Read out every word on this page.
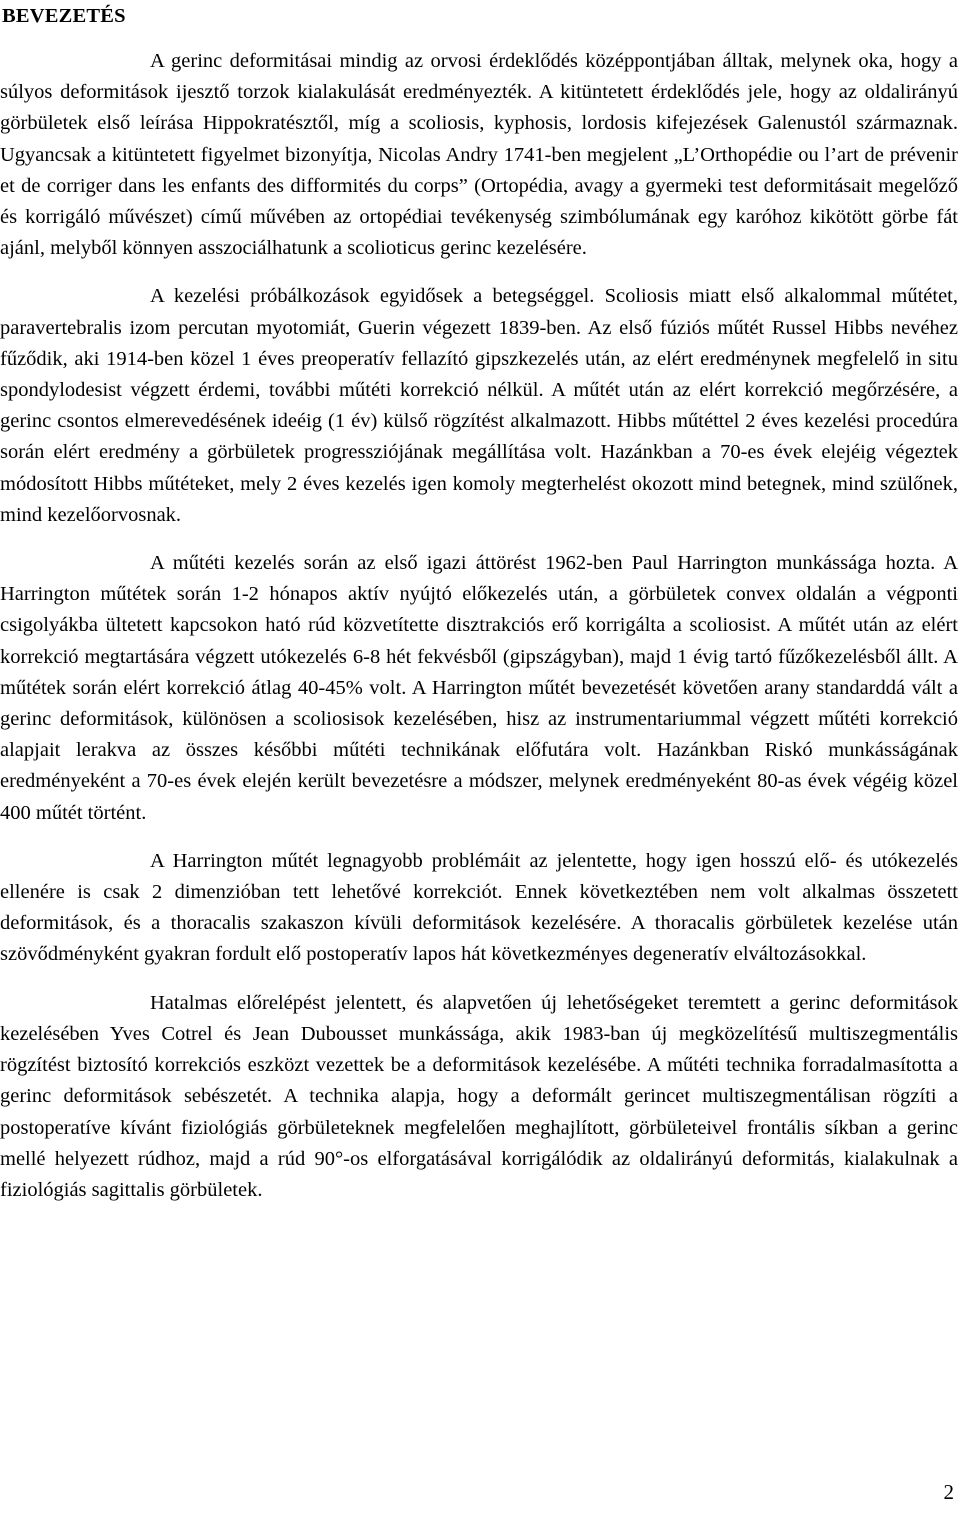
BEVEZETÉS

A gerinc deformitásai mindig az orvosi érdeklődés középpontjában álltak, melynek oka, hogy a súlyos deformitások ijesztő torzok kialakulását eredményezték. A kitüntetett érdeklődés jele, hogy az oldalirányú görbületek első leírása Hippokratésztől, míg a scoliosis, kyphosis, lordosis kifejezések Galenustól származnak. Ugyancsak a kitüntetett figyelmet bizonyítja, Nicolas Andry 1741-ben megjelent „L’Orthopédie ou l’art de prévenir et de corriger dans les enfants des difformités du corps” (Ortopédia, avagy a gyermeki test deformitásait megelőző és korrigáló művészet) című művében az ortopédiai tevékenység szimbólumának egy karóhoz kikötött görbe fát ajánl, melyből könnyen asszociálhatunk a scolioticus gerinc kezelésére.

A kezelési próbálkozások egyidősek a betegséggel. Scoliosis miatt első alkalommal műtétet, paravertebralis izom percutan myotomiát, Guerin végezett 1839-ben. Az első fúziós műtét Russel Hibbs nevéhez fűződik, aki 1914-ben közel 1 éves preoperatív fellazító gipszkezelés után, az elért eredménynek megfelelő in situ spondylodesist végzett érdemi, további műtéti korrekció nélkül. A műtét után az elért korrekció megőrzésére, a gerinc csontos elmerevedésének ideéig (1 év) külső rögzítést alkalmazott. Hibbs műtéttel 2 éves kezelési procedúra során elért eredmény a görbületek progressziójának megállítása volt. Hazánkban a 70-es évek elejéig végeztek módosított Hibbs műtéteket, mely 2 éves kezelés igen komoly megterhelést okozott mind betegnek, mind szülőnek, mind kezelőorvosnak.

A műtéti kezelés során az első igazi áttörést 1962-ben Paul Harrington munkássága hozta. A Harrington műtétek során 1-2 hónapos aktív nyújtó előkezelés után, a görbületek convex oldalán a végponti csigolyákba ültetett kapcsokon ható rúd közvetítette disztrakciós erő korrigálta a scoliosist. A műtét után az elért korrekció megtartására végzett utókezelés 6-8 hét fekvésből (gipszágyban), majd 1 évig tartó fűzőkezelésből állt. A műtétek során elért korrekció átlag 40-45% volt. A Harrington műtét bevezetését követően arany standarddá vált a gerinc deformitások, különösen a scoliosisok kezelésében, hisz az instrumentariummal végzett műtéti korrekció alapjait lerakva az összes későbbi műtéti technikának előfutára volt. Hazánkban Riskó munkásságának eredményeként a 70-es évek elején került bevezetésre a módszer, melynek eredményeként 80-as évek végéig közel 400 műtét történt.

A Harrington műtét legnagyobb problémáit az jelentette, hogy igen hosszú elő- és utókezelés ellenére is csak 2 dimenzióban tett lehetővé korrekciót. Ennek következtében nem volt alkalmas összetett deformitások, és a thoracalis szakaszon kívüli deformitások kezelésére. A thoracalis görbületek kezelése után szövődményként gyakran fordult elő postoperatív lapos hát következményes degeneratív elváltozásokkal.

Hatalmas előrelépést jelentett, és alapvetően új lehetőségeket teremtett a gerinc deformitások kezelésében Yves Cotrel és Jean Dubousset munkássága, akik 1983-ban új megközelítésű multiszegmentális rögzítést biztosító korrekciós eszközt vezettek be a deformitások kezelésébe. A műtéti technika forradalmasította a gerinc deformitások sebészetét. A technika alapja, hogy a deformált gerincet multiszegmentálisan rögzíti a postoperatíve kívánt fiziológiás görbületeknek megfelelően meghajlított, görbületeivel frontális síkban a gerinc mellé helyezett rúdhoz, majd a rúd 90°-os elforgatásával korrigálódik az oldalirányú deformitás, kialakulnak a fiziológiás sagittalis görbületek.

2
